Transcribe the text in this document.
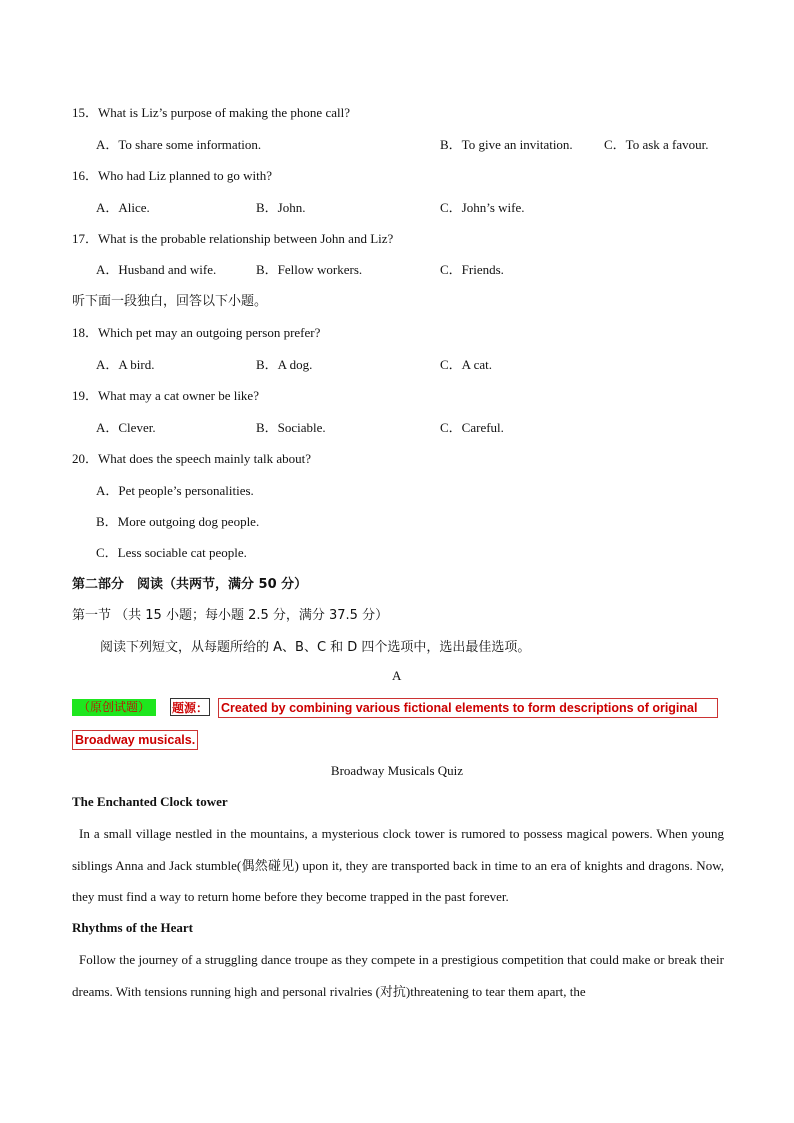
15．What is Liz’s purpose of making the phone call?
A．To share some information.	B．To give an invitation. C．To ask a favour.
16．Who had Liz planned to go with?
A．Alice.	B．John.	C．John’s wife.
17．What is the probable relationship between John and Liz?
A．Husband and wife.	B．Fellow workers.	C．Friends.
听下面一段独白，回答以下小题。
18．Which pet may an outgoing person prefer?
A．A bird.	B．A dog.	C．A cat.
19．What may a cat owner be like?
A．Clever.	B．Sociable.	C．Careful.
20．What does the speech mainly talk about?
A．Pet people’s personalities.
B．More outgoing dog people.
C．Less sociable cat people.
第二部分　阅读（共两节，满分 50 分）
第一节 （共 15 小题；每小题 2.5 分，满分 37.5 分）
阅读下列短文，从每题所给的 A、B、C 和 D 四个选项中，选出最佳选项。
A
（原创试题）	题源： Created by combining various fictional elements to form descriptions of original
Broadway musicals.
Broadway Musicals Quiz
The Enchanted Clock tower
In a small village nestled in the mountains, a mysterious clock tower is rumored to possess magical powers. When young siblings Anna and Jack stumble(偶然碰见) upon it, they are transported back in time to an era of knights and dragons. Now, they must find a way to return home before they become trapped in the past forever.
Rhythms of the Heart
Follow the journey of a struggling dance troupe as they compete in a prestigious competition that could make or break their dreams. With tensions running high and personal rivalries (对抗)threatening to tear them apart, the
